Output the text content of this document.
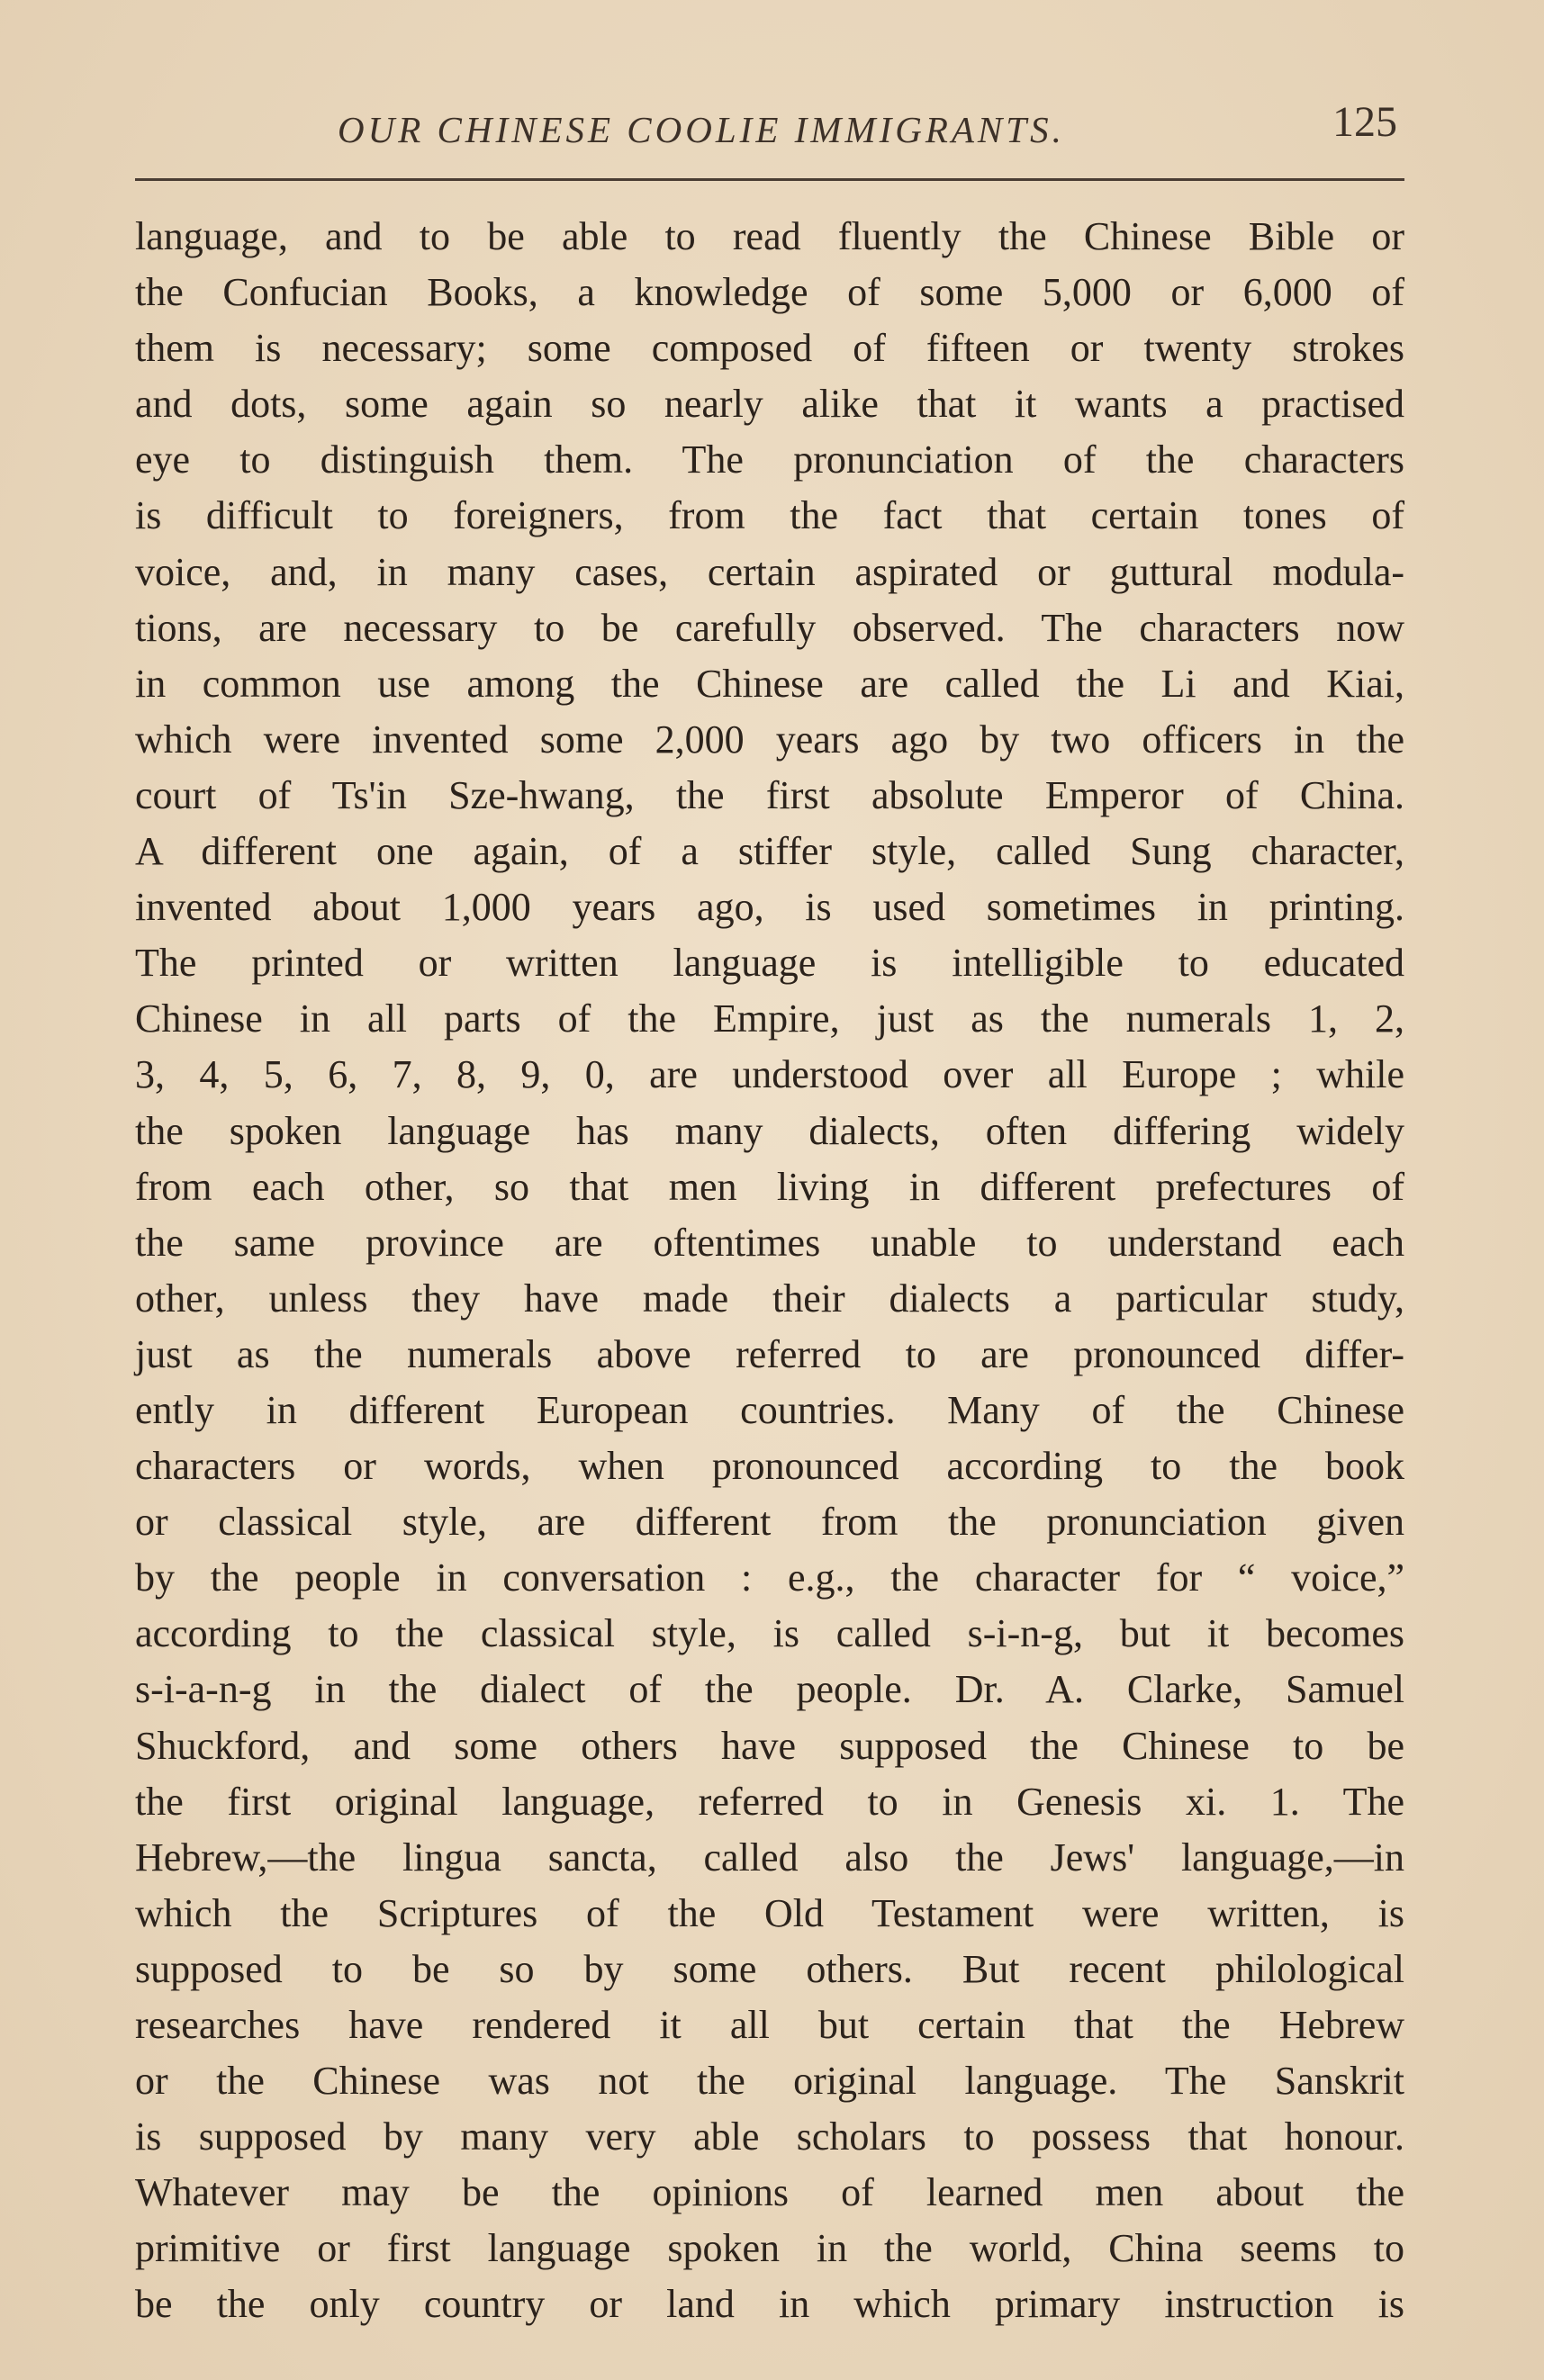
OUR CHINESE COOLIE IMMIGRANTS.	125
language, and to be able to read fluently the Chinese Bible or
the Confucian Books, a knowledge of some 5,000 or 6,000 of
them is necessary; some composed of fifteen or twenty strokes
and dots, some again so nearly alike that it wants a practised
eye to distinguish them. The pronunciation of the characters
is difficult to foreigners, from the fact that certain tones of
voice, and, in many cases, certain aspirated or guttural modula-
tions, are necessary to be carefully observed. The characters now
in common use among the Chinese are called the Li and Kiai,
which were invented some 2,000 years ago by two officers in the
court of Ts'in Sze-hwang, the first absolute Emperor of China.
A different one again, of a stiffer style, called Sung character,
invented about 1,000 years ago, is used sometimes in printing.
The printed or written language is intelligible to educated
Chinese in all parts of the Empire, just as the numerals 1, 2,
3, 4, 5, 6, 7, 8, 9, 0, are understood over all Europe ; while
the spoken language has many dialects, often differing widely
from each other, so that men living in different prefectures of
the same province are oftentimes unable to understand each
other, unless they have made their dialects a particular study,
just as the numerals above referred to are pronounced differ-
ently in different European countries. Many of the Chinese
characters or words, when pronounced according to the book
or classical style, are different from the pronunciation given
by the people in conversation : e.g., the character for “ voice,”
according to the classical style, is called s-i-n-g, but it becomes
s-i-a-n-g in the dialect of the people. Dr. A. Clarke, Samuel
Shuckford, and some others have supposed the Chinese to be
the first original language, referred to in Genesis xi. 1. The
Hebrew,—the lingua sancta, called also the Jews' language,—in
which the Scriptures of the Old Testament were written, is
supposed to be so by some others. But recent philological
researches have rendered it all but certain that the Hebrew
or the Chinese was not the original language. The Sanskrit
is supposed by many very able scholars to possess that honour.
Whatever may be the opinions of learned men about the
primitive or first language spoken in the world, China seems to
be the only country or land in which primary instruction is
